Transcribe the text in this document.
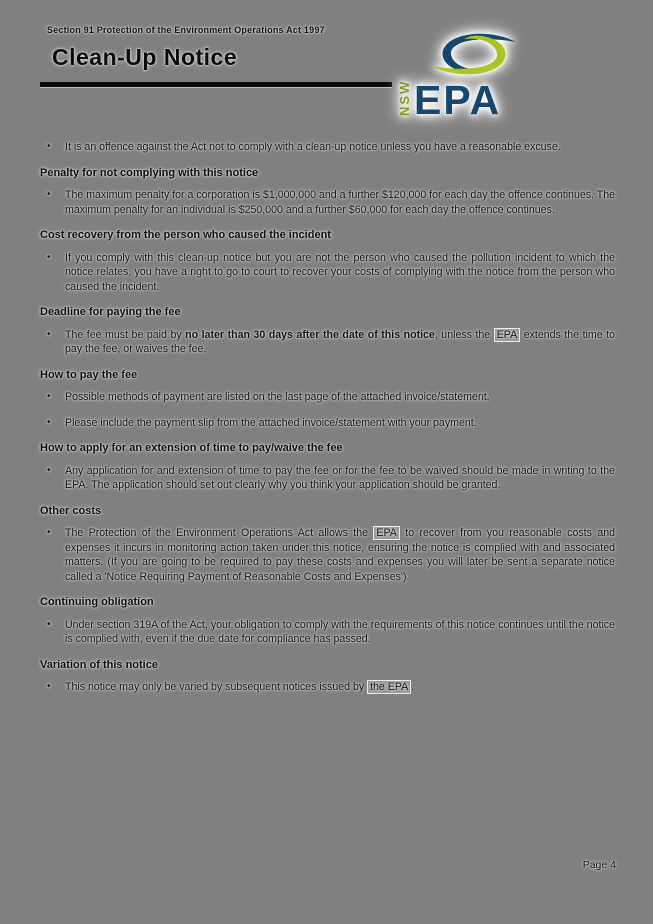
Section 91 Protection of the Environment Operations Act 1997
Clean-Up Notice
NSW EPA
•	It is an offence against the Act not to comply with a clean-up notice unless you have a reasonable excuse.

Penalty for not complying with this notice
•	The maximum penalty for a corporation is $1,000,000 and a further $120,000 for each day the offence continues. The maximum penalty for an individual is $250,000 and a further $60,000 for each day the offence continues.

Cost recovery from the person who caused the incident
•	If you comply with this clean-up notice but you are not the person who caused the pollution incident to which the notice relates, you have a right to go to court to recover your costs of complying with the notice from the person who caused the incident.

Deadline for paying the fee
•	The fee must be paid by no later than 30 days after the date of this notice, unless the EPA extends the time to pay the fee, or waives the fee.

How to pay the fee
•	Possible methods of payment are listed on the last page of the attached invoice/statement.

•	Please include the payment slip from the attached invoice/statement with your payment.

How to apply for an extension of time to pay/waive the fee
•	Any application for and extension of time to pay the fee or for the fee to be waived should be made in writing to the EPA. The application should set out clearly why you think your application should be granted.

Other costs
•	The Protection of the Environment Operations Act allows the EPA to recover from you reasonable costs and expenses it incurs in monitoring action taken under this notice, ensuring the notice is complied with and associated matters. (If you are going to be required to pay these costs and expenses you will later be sent a separate notice called a 'Notice Requiring Payment of Reasonable Costs and Expenses').

Continuing obligation
•	Under section 319A of the Act, your obligation to comply with the requirements of this notice continues until the notice is complied with, even if the due date for compliance has passed.

Variation of this notice
•	This notice may only be varied by subsequent notices issued by the EPA .

Page 4
